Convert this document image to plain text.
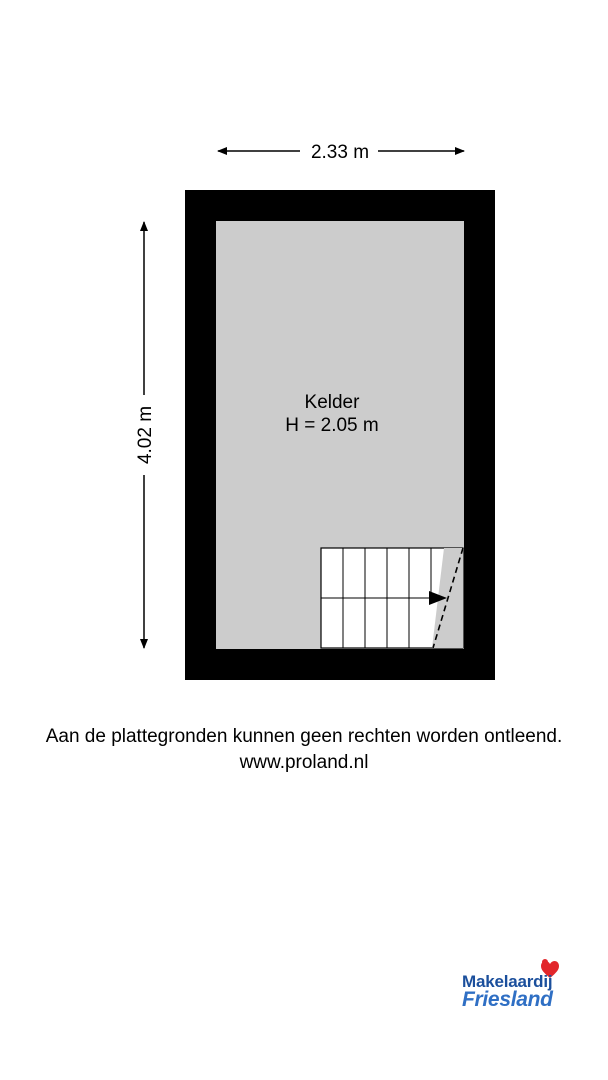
2.33 m
4.02 m
Kelder
H = 2.05 m
Aan de plattegronden kunnen geen rechten worden ontleend.
www.proland.nl
Makelaardij
Friesland
